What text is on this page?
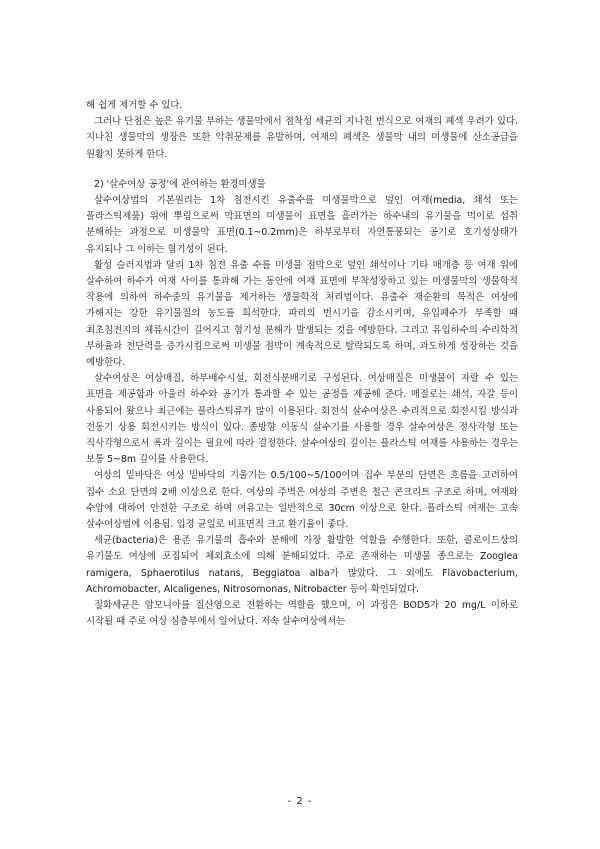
해 쉽게 제거할 수 있다.

그러나 단점은 높은 유기물 부하는 생물막에서 점착성 세균의 지나친 번식으로 여재의 폐색 우려가 있다. 지나친 생물막의 생장은 또한 악취문제를 유발하며, 여재의 폐색은 생물막 내의 미생물에 산소공급을 원활치 못하게 한다.

2) '살수여상 공정'에 관여하는 환경미생물

살수여상법의 기본원리는 1차 침전시킨 유출수를 미생물막으로 덮인 여재(media, 쇄석 또는 플라스틱제품) 위에 뿌림으로써 막표면의 미생물이 표면을 흘러가는 하수내의 유기물을 먹이로 섭취 분해하는 과정으로 미생물막 표면(0.1~0.2mm)은 하부로부터 자연통풍되는 공기로 호기성상태가 유지되나 그 이하는 혐기성이 된다.

활성 슬러지법과 달리 1차 침전 유출 수를 미생물 점막으로 덮인 쇄석이나 기타 매개층 등 여재 위에 살수하여 하수가 여재 사이를 통과해 가는 동안에 여재 표면에 부착성장하고 있는 미생물막의 생물학적 작용에 의하여 하수중의 유기물을 제거하는 생물학적 처리법이다. 유출수 재순환의 목적은 여상에 가해지는 강한 유기물질의 농도를 희석한다. 파리의 번시기을 감소시키며, 유입폐수가 부족할 때 최초침전지의 체류시간이 길어지고 혐기성 분해가 발생되는 것을 예방한다. 그리고 유입하수의 수리학적 부하율과 전단력을 증가시킴으로써 미생물 점막이 계속적으로 탈락되도록 하며, 과도하게 성장하는 것을 예방한다.

살수여상은 여상매질, 하부배수시설, 회전식분배기로 구성된다. 여상매질은 미생물이 자랄 수 있는 표면을 제공함과 아울러 하수와 공기가 통과할 수 있는 공정을 제공해 준다. 매질로는 쇄석, 자갈 등이 사용되어 왔으나 최근에는 플라스틱류가 많이 이용된다. 회전식 살수여상은 수리적으로 회전시킴 방식과 전동기 상용 회전시키는 방식이 있다. 종방향 이동식 살수기를 사용할 경우 살수여상은 정사각형 또는 직사각형으로서 폭과 깊이는 필요에 따라 결정한다. 살수여상의 깊이는 플라스틱 여재를 사용하는 경우는 보통 5~8m 깊이를 사용한다.

여상의 밑바닥은 여상 밑바닥의 기울기는 0.5/100~5/100이며 집수 부분의 단면은 흐름을 고려하여 집수 소요 단면의 2배 이상으로 한다. 여상의 주벽은 여상의 주변은 철근 콘크리트 구조로 하며, 여재와 수압에 대하여 안전한 구조로 하며 여유고는 일반적으로 30cm 이상으로 한다. 플라스틱 여재는 고속 살수여상법에 이용됨. 입경 균일로 비표면적 크고 환기율이 좋다.

세균(bacteria)은 용존 유기물의 흡수와 분해에 가장 활발한 역할을 수행한다. 또한, 콜로이드상의 유기물도 여상에 포집되어 체외효소에 의해 분해되었다. 주로 존재하는 미생물 종으로는 Zooglea ramigera, Sphaerotilus natans, Beggiatoa alba가 많았다. 그 외에도 Flavobacterium, Achromobacter, Alcaligenes, Nitrosomonas, Nitrobacter 등이 확인되었다.

질화세균은 암모니아를 질산염으로 전환하는 역할을 했으며, 이 과정은 BOD5가 20 mg/L 이하로 시작될 때 주로 여상 심층부에서 일어났다. 저속 살수여상에서는

- 2 -
